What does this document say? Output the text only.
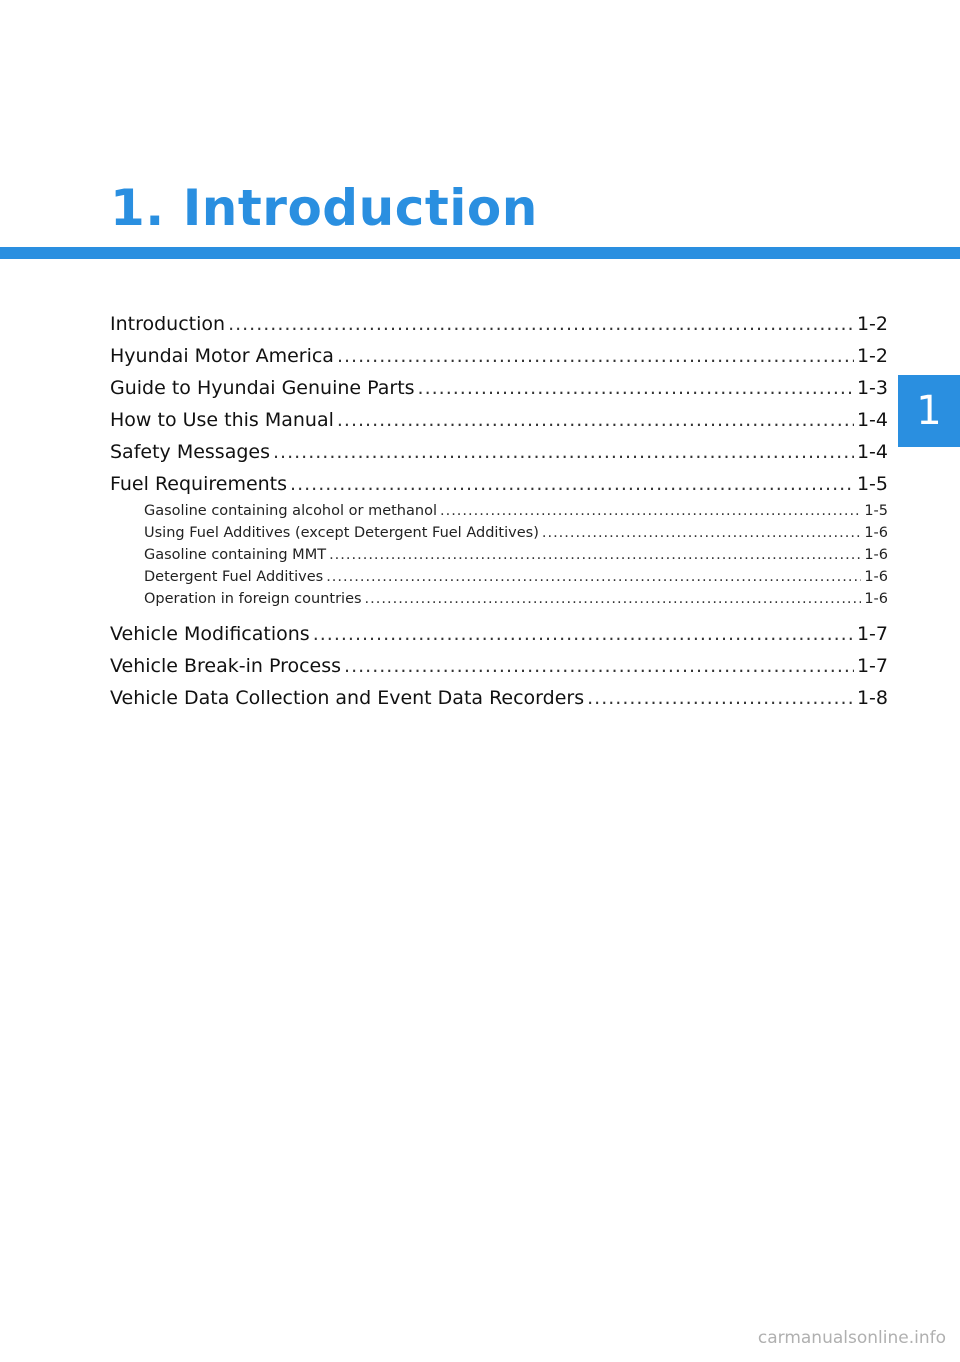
1. Introduction
1
Introduction .....	1-2
Hyundai Motor America .....	1-2
Guide to Hyundai Genuine Parts .....	1-3
How to Use this Manual .....	1-4
Safety Messages .....	1-4
Fuel Requirements .....	1-5
Gasoline containing alcohol or methanol .....	1-5
Using Fuel Additives (except Detergent Fuel Additives) .....	1-6
Gasoline containing MMT .....	1-6
Detergent Fuel Additives .....	1-6
Operation in foreign countries .....	1-6
Vehicle Modifications .....	1-7
Vehicle Break-in Process .....	1-7
Vehicle Data Collection and Event Data Recorders .....	1-8
carmanualsonline.info
